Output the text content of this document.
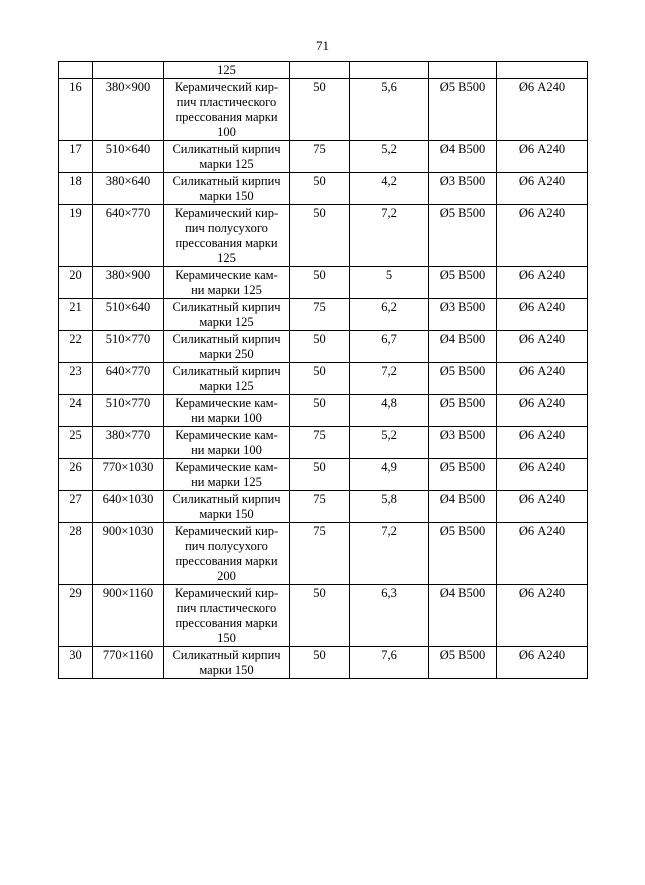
71
		125				
16	380×900	Керамический кир-
пич пластического
прессования марки
100	50	5,6	Ø5 В500	Ø6 А240
17	510×640	Силикатный кирпич
марки 125	75	5,2	Ø4 В500	Ø6 А240
18	380×640	Силикатный кирпич
марки 150	50	4,2	Ø3 В500	Ø6 А240
19	640×770	Керамический кир-
пич полусухого
прессования марки
125	50	7,2	Ø5 В500	Ø6 А240
20	380×900	Керамические кам-
ни марки 125	50	5	Ø5 В500	Ø6 А240
21	510×640	Силикатный кирпич
марки 125	75	6,2	Ø3 В500	Ø6 А240
22	510×770	Силикатный кирпич
марки 250	50	6,7	Ø4 В500	Ø6 А240
23	640×770	Силикатный кирпич
марки 125	50	7,2	Ø5 В500	Ø6 А240
24	510×770	Керамические кам-
ни марки 100	50	4,8	Ø5 В500	Ø6 А240
25	380×770	Керамические кам-
ни марки 100	75	5,2	Ø3 В500	Ø6 А240
26	770×1030	Керамические кам-
ни марки 125	50	4,9	Ø5 В500	Ø6 А240
27	640×1030	Силикатный кирпич
марки 150	75	5,8	Ø4 В500	Ø6 А240
28	900×1030	Керамический кир-
пич полусухого
прессования марки
200	75	7,2	Ø5 В500	Ø6 А240
29	900×1160	Керамический кир-
пич пластического
прессования марки
150	50	6,3	Ø4 В500	Ø6 А240
30	770×1160	Силикатный кирпич
марки 150	50	7,6	Ø5 В500	Ø6 А240
